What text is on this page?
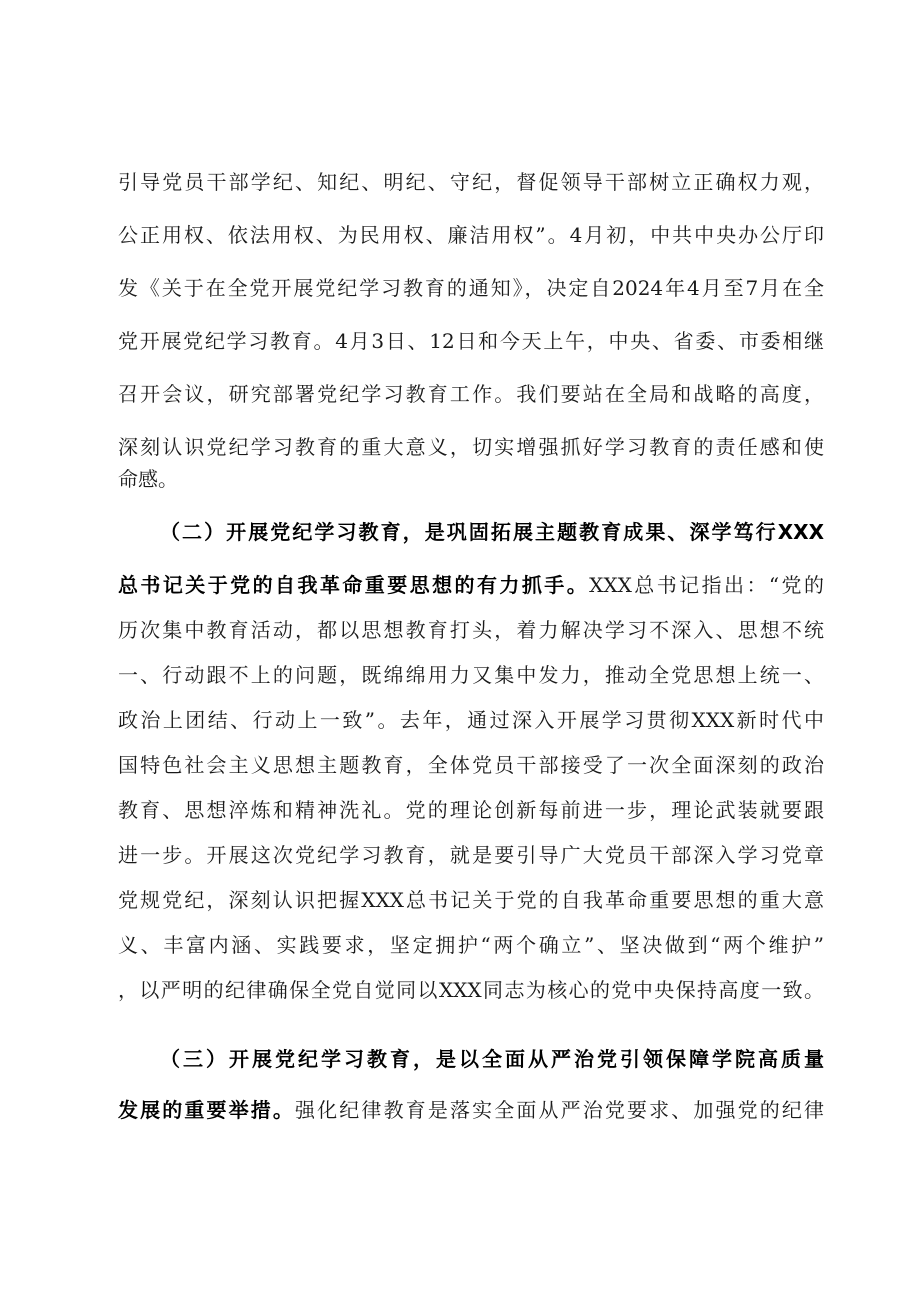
引导党员干部学纪、知纪、明纪、守纪，督促领导干部树立正确权力观，
公正用权、依法用权、为民用权、廉洁用权”。4月初，中共中央办公厅印
发《关于在全党开展党纪学习教育的通知》，决定自2024年4月至7月在全
党开展党纪学习教育。4月3日、12日和今天上午，中央、省委、市委相继
召开会议，研究部署党纪学习教育工作。我们要站在全局和战略的高度，
深刻认识党纪学习教育的重大意义，切实增强抓好学习教育的责任感和使
命感。
（二）开展党纪学习教育，是巩固拓展主题教育成果、深学笃行XXX
总书记关于党的自我革命重要思想的有力抓手。XXX总书记指出：“党的
历次集中教育活动，都以思想教育打头，着力解决学习不深入、思想不统
一、行动跟不上的问题，既绵绵用力又集中发力，推动全党思想上统一、
政治上团结、行动上一致”。去年，通过深入开展学习贯彻XXX新时代中
国特色社会主义思想主题教育，全体党员干部接受了一次全面深刻的政治
教育、思想淬炼和精神洗礼。党的理论创新每前进一步，理论武装就要跟
进一步。开展这次党纪学习教育，就是要引导广大党员干部深入学习党章
党规党纪，深刻认识把握XXX总书记关于党的自我革命重要思想的重大意
义、丰富内涵、实践要求，坚定拥护“两个确立”、坚决做到“两个维护”
，以严明的纪律确保全党自觉同以XXX同志为核心的党中央保持高度一致。
（三）开展党纪学习教育，是以全面从严治党引领保障学院高质量
发展的重要举措。强化纪律教育是落实全面从严治党要求、加强党的纪律
